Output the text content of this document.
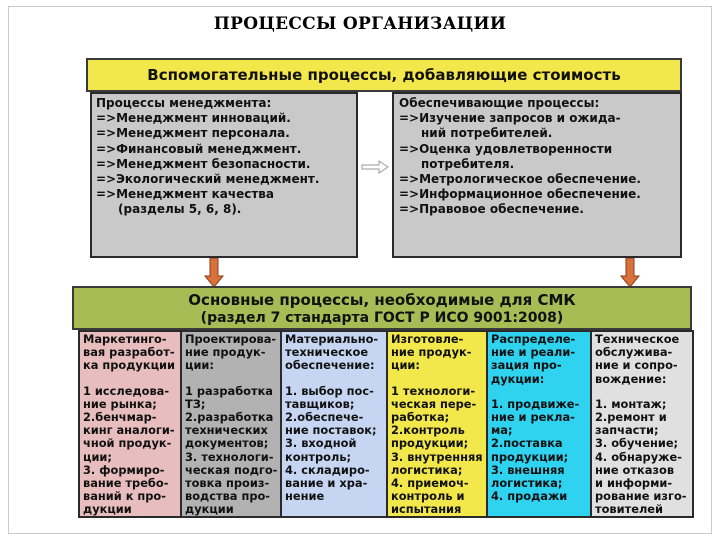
ПРОЦЕССЫ ОРГАНИЗАЦИИ
Вспомогательные процессы, добавляющие стоимость
Процессы менеджмента:
=>Менеджмент инноваций.
=>Менеджмент персонала.
=>Финансовый менеджмент.
=>Менеджмент безопасности.
=>Экологический менеджмент.
=>Менеджмент качества
(разделы 5, 6, 8).
Обеспечивающие процессы:
=>Изучение запросов и ожида-
ний потребителей.
=>Оценка удовлетворенности
потребителя.
=>Метрологическое обеспечение.
=>Информационное обеспечение.
=>Правовое обеспечение.
Основные процессы, необходимые для СМК
(раздел 7 стандарта ГОСТ Р ИСО 9001:2008)
Маркетинго-
вая разработ-
ка продукции
1 исследова-
ние рынка;
2.бенчмар-
кинг аналоги-
чной продук-
ции;
3. формиро-
вание требо-
ваний к про-
дукции
Проектирова-
ние продук-
ции:
1 разработка
ТЗ;
2.разработка
технических
документов;
3. технологи-
ческая подго-
товка произ-
водства про-
дукции
Материально-
техническое
обеспечение:
1. выбор пос-
тавщиков;
2.обеспече-
ние поставок;
3. входной
контроль;
4. складиро-
вание и хра-
нение
Изготовле-
ние продук-
ции:
1 технологи-
ческая пере-
работка;
2.контроль
продукции;
3. внутренняя
логистика;
4. приемоч-
контроль и
испытания
Распределе-
ние и реали-
зация про-
дукции:
1. продвиже-
ние и рекла-
ма;
2.поставка
продукции;
3. внешняя
логистика;
4. продажи
Техническое
обслужива-
ние и сопро-
вождение:
1. монтаж;
2.ремонт и
запчасти;
3. обучение;
4. обнаруже-
ние отказов
и информи-
рование изго-
товителей
